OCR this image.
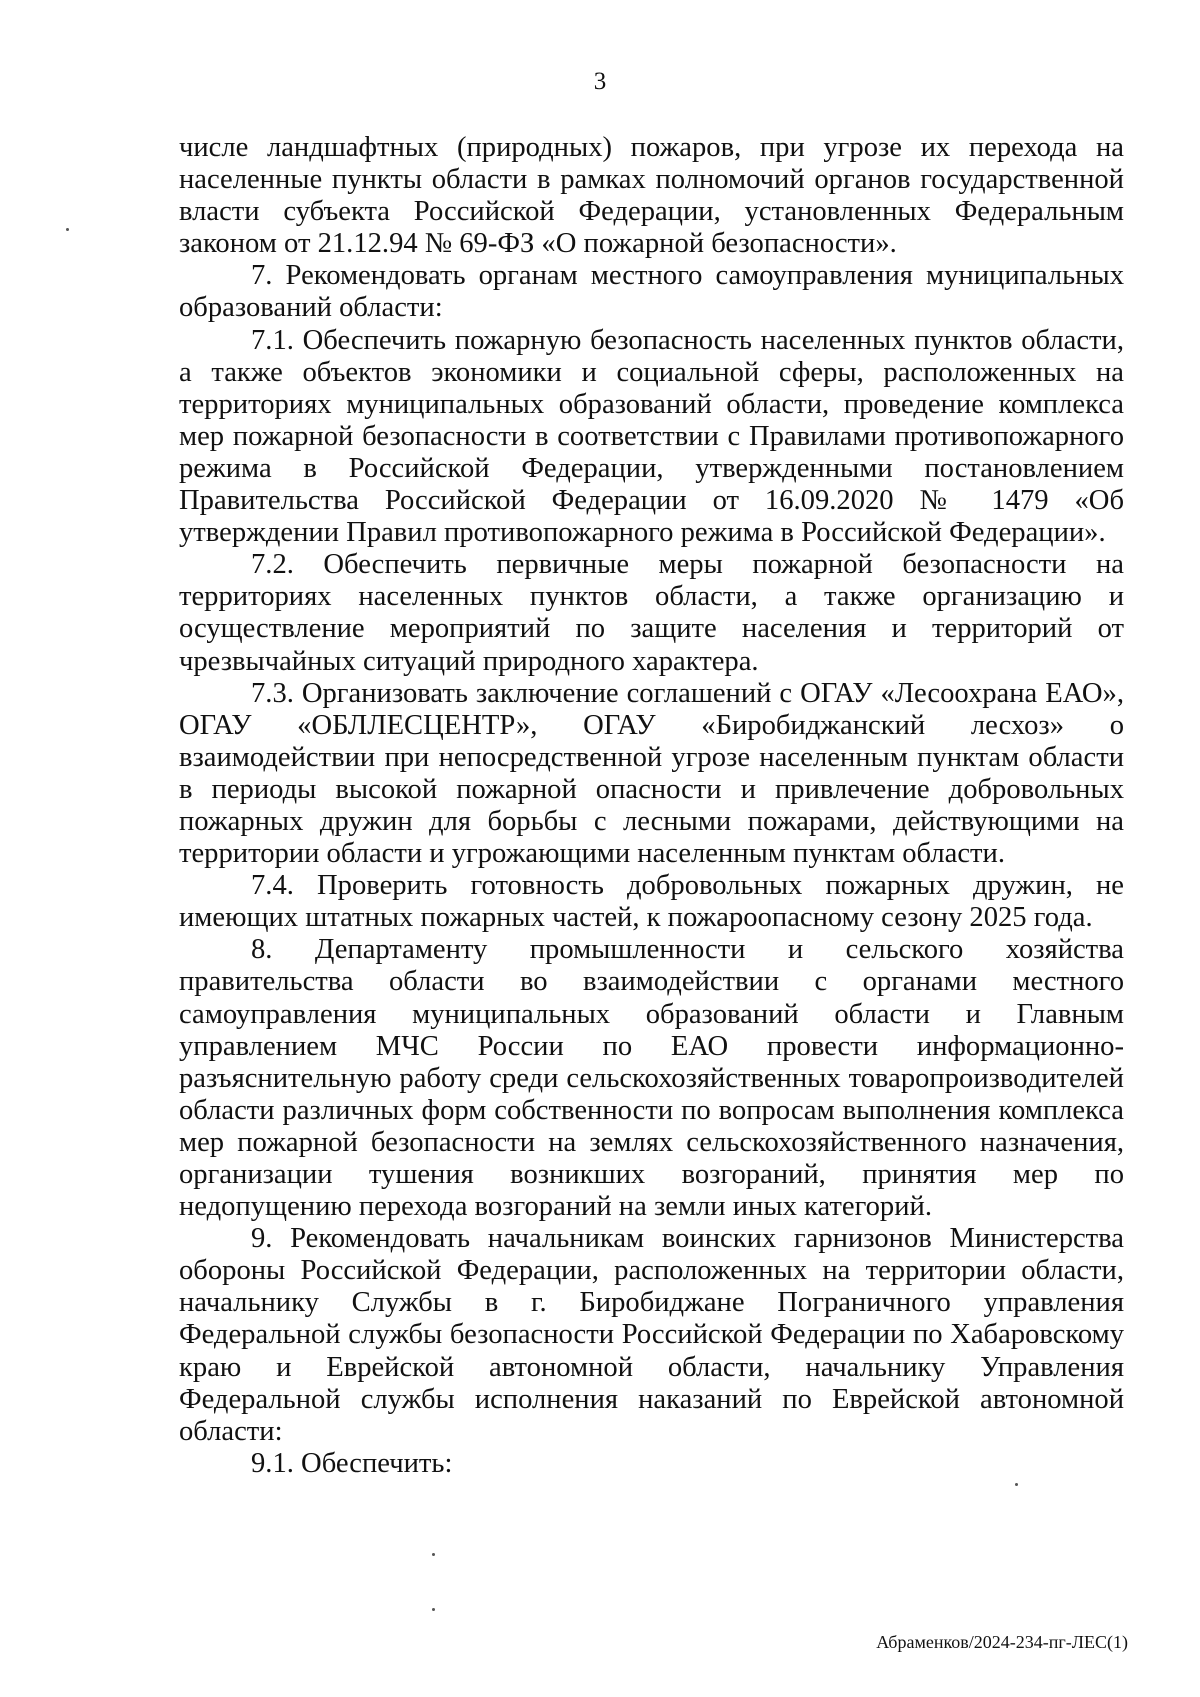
3

числе ландшафтных (природных) пожаров, при угрозе их перехода на населенные пункты области в рамках полномочий органов государственной власти субъекта Российской Федерации, установленных Федеральным законом от 21.12.94 № 69-ФЗ «О пожарной безопасности».

7. Рекомендовать органам местного самоуправления муниципальных образований области:

7.1. Обеспечить пожарную безопасность населенных пунктов области, а также объектов экономики и социальной сферы, расположенных на территориях муниципальных образований области, проведение комплекса мер пожарной безопасности в соответствии с Правилами противопожарного режима в Российской Федерации, утвержденными постановлением Правительства Российской Федерации от 16.09.2020 № 1479 «Об утверждении Правил противопожарного режима в Российской Федерации».

7.2. Обеспечить первичные меры пожарной безопасности на территориях населенных пунктов области, а также организацию и осуществление мероприятий по защите населения и территорий от чрезвычайных ситуаций природного характера.

7.3. Организовать заключение соглашений с ОГАУ «Лесоохрана ЕАО», ОГАУ «ОБЛЛЕСЦЕНТР», ОГАУ «Биробиджанский лесхоз» о взаимодействии при непосредственной угрозе населенным пунктам области в периоды высокой пожарной опасности и привлечение добровольных пожарных дружин для борьбы с лесными пожарами, действующими на территории области и угрожающими населенным пунктам области.

7.4. Проверить готовность добровольных пожарных дружин, не имеющих штатных пожарных частей, к пожароопасному сезону 2025 года.

8. Департаменту промышленности и сельского хозяйства правительства области во взаимодействии с органами местного самоуправления муниципальных образований области и Главным управлением МЧС России по ЕАО провести информационно-разъяснительную работу среди сельскохозяйственных товаропроизводителей области различных форм собственности по вопросам выполнения комплекса мер пожарной безопасности на землях сельскохозяйственного назначения, организации тушения возникших возгораний, принятия мер по недопущению перехода возгораний на земли иных категорий.

9. Рекомендовать начальникам воинских гарнизонов Министерства обороны Российской Федерации, расположенных на территории области, начальнику Службы в г. Биробиджане Пограничного управления Федеральной службы безопасности Российской Федерации по Хабаровскому краю и Еврейской автономной области, начальнику Управления Федеральной службы исполнения наказаний по Еврейской автономной области:

9.1. Обеспечить:

Абраменков/2024-234-пг-ЛЕС(1)
